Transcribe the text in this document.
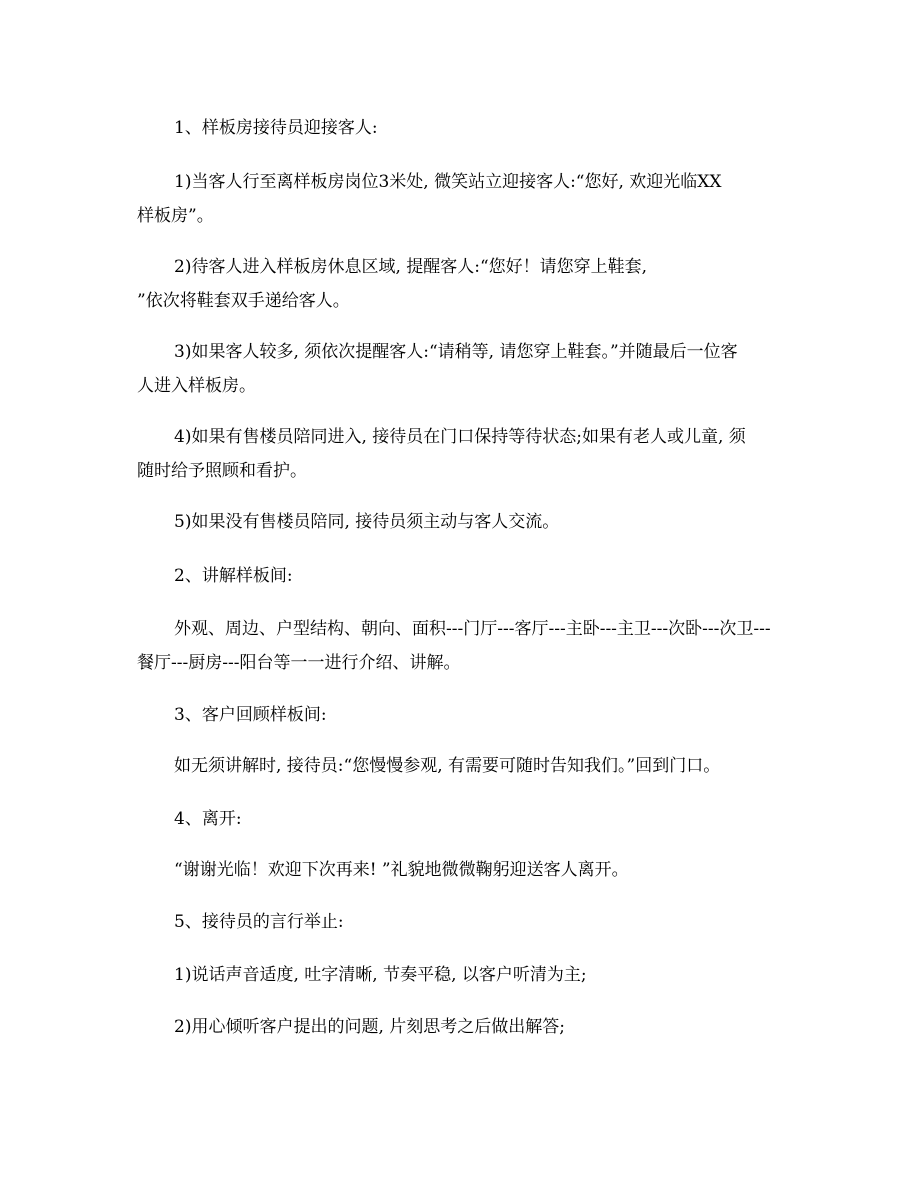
1、样板房接待员迎接客人:
1)当客人行至离样板房岗位3米处, 微笑站立迎接客人:“您好, 欢迎光临XX
样板房”。
2)待客人进入样板房休息区域, 提醒客人:“您好！请您穿上鞋套,
”依次将鞋套双手递给客人。
3)如果客人较多, 须依次提醒客人:“请稍等, 请您穿上鞋套。”并随最后一位客
人进入样板房。
4)如果有售楼员陪同进入, 接待员在门口保持等待状态;如果有老人或儿童, 须
随时给予照顾和看护。
5)如果没有售楼员陪同, 接待员须主动与客人交流。
2、讲解样板间:
外观、周边、户型结构、朝向、面积---门厅---客厅---主卧---主卫---次卧---次卫---
餐厅---厨房---阳台等一一进行介绍、讲解。
3、客户回顾样板间:
如无须讲解时, 接待员:“您慢慢参观, 有需要可随时告知我们。”回到门口。
4、离开:
“谢谢光临！欢迎下次再来! ”礼貌地微微鞠躬迎送客人离开。
5、接待员的言行举止:
1)说话声音适度, 吐字清晰, 节奏平稳, 以客户听清为主;
2)用心倾听客户提出的问题, 片刻思考之后做出解答;
